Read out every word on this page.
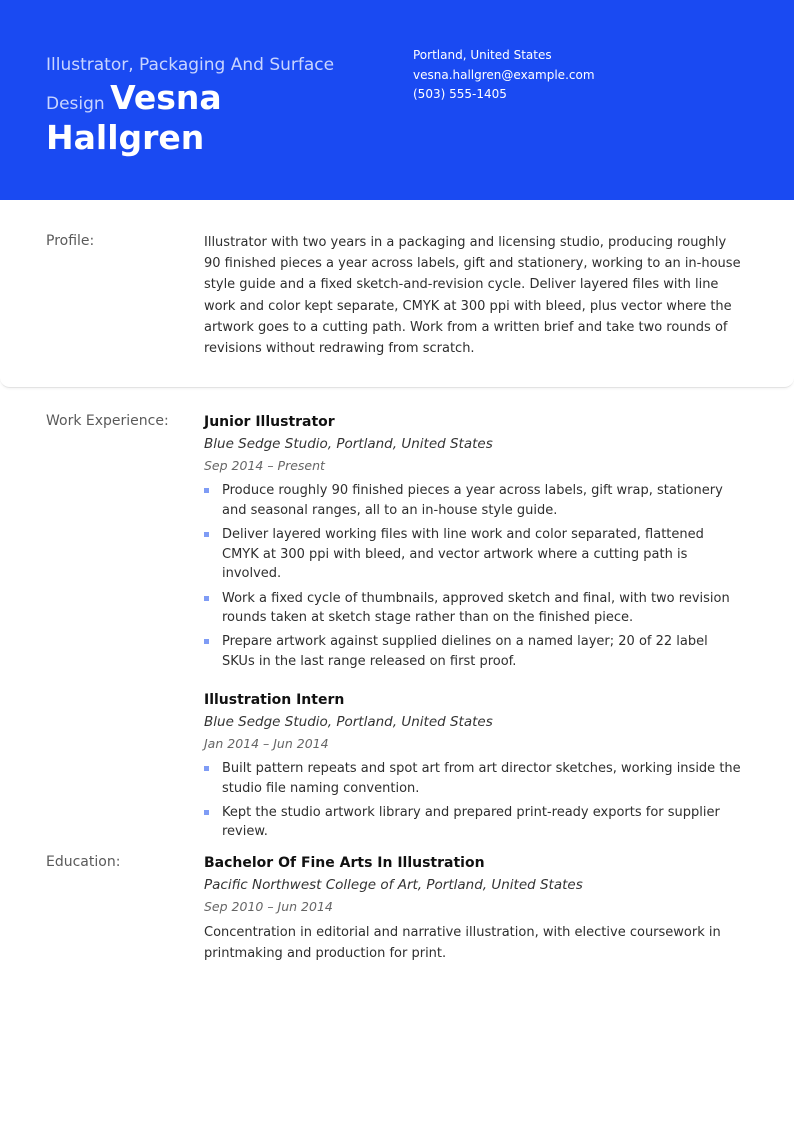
Illustrator, Packaging And Surface Design Vesna
Hallgren
Portland, United States
vesna.hallgren@example.com
(503) 555-1405
Profile:	Illustrator with two years in a packaging and licensing studio, producing roughly 90 finished pieces a year across labels, gift and stationery, working to an in-house style guide and a fixed sketch-and-revision cycle. Deliver layered files with line work and color kept separate, CMYK at 300 ppi with bleed, plus vector where the artwork goes to a cutting path. Work from a written brief and take two rounds of revisions without redrawing from scratch.
Work Experience:	Junior Illustrator
Blue Sedge Studio, Portland, United States
Sep 2014 – Present
Produce roughly 90 finished pieces a year across labels, gift wrap, stationery and seasonal ranges, all to an in-house style guide.
Deliver layered working files with line work and color separated, flattened CMYK at 300 ppi with bleed, and vector artwork where a cutting path is involved.
Work a fixed cycle of thumbnails, approved sketch and final, with two revision rounds taken at sketch stage rather than on the finished piece.
Prepare artwork against supplied dielines on a named layer; 20 of 22 label SKUs in the last range released on first proof.
Illustration Intern
Blue Sedge Studio, Portland, United States
Jan 2014 – Jun 2014
Built pattern repeats and spot art from art director sketches, working inside the studio file naming convention.
Kept the studio artwork library and prepared print-ready exports for supplier review.
Education:	Bachelor Of Fine Arts In Illustration
Pacific Northwest College of Art, Portland, United States
Sep 2010 – Jun 2014
Concentration in editorial and narrative illustration, with elective coursework in printmaking and production for print.
